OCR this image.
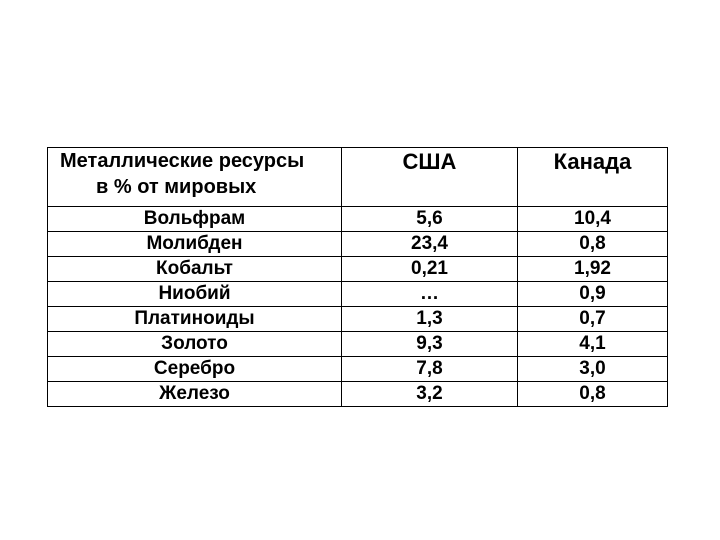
Металлические ресурсы
в % от мировых	США	Канада
Вольфрам	5,6	10,4
Молибден	23,4	0,8
Кобальт	0,21	1,92
Ниобий	…	0,9
Платиноиды	1,3	0,7
Золото	9,3	4,1
Серебро	7,8	3,0
Железо	3,2	0,8
